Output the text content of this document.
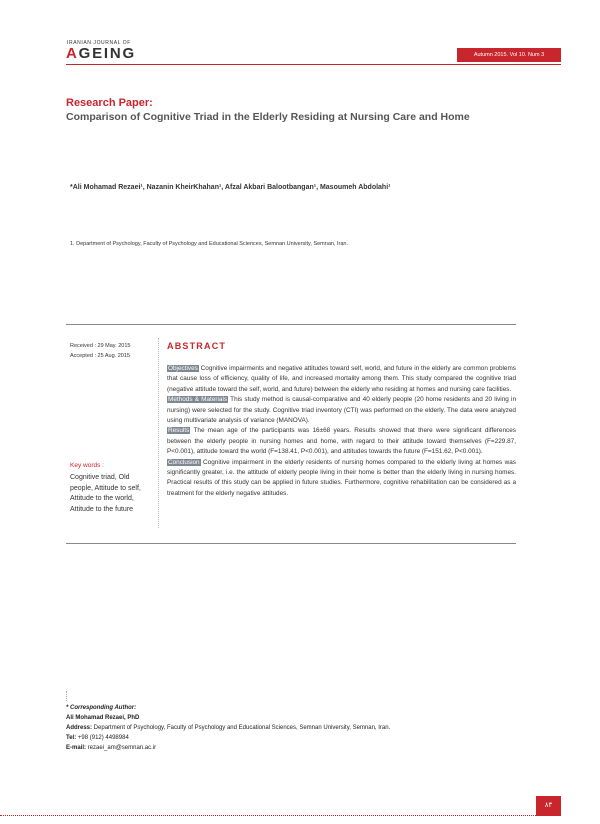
IRANIAN JOURNAL OF
AGEING	Autumn 2015. Vol 10. Num 3
Research Paper:
Comparison of Cognitive Triad in the Elderly Residing at Nursing Care and Home
*Ali Mohamad Rezaei¹, Nazanin KheirKhahan¹, Afzal Akbari Balootbangan¹, Masoumeh Abdolahi¹
1. Department of Psychology, Faculty of Psychology and Educational Sciences, Semnan University, Semnan, Iran.
Received : 29 May. 2015
Accepted : 25 Aug. 2015
Key words :
Cognitive triad, Old people, Attitude to self, Attitude to the world, Attitude to the future
ABSTRACT
Objectives Cognitive impairments and negative attitudes toward self, world, and future in the elderly are common problems that cause loss of efficiency, quality of life, and increased mortality among them. This study compared the cognitive triad (negative attitude toward the self, world, and future) between the elderly who residing at homes and nursing care facilities.
Methods & Materials This study method is causal-comparative and 40 elderly people (20 home residents and 20 living in nursing) were selected for the study. Cognitive triad inventory (CTI) was performed on the elderly. The data were analyzed using multivariate analysis of variance (MANOVA).
Results The mean age of the participants was 16±68 years. Results showed that there were significant differences between the elderly people in nursing homes and home, with regard to their attitude toward themselves (F=229.87, P<0.001), attitude toward the world (F=138.41, P<0.001), and attitudes towards the future (F=151.62, P<0.001).
Conclusion Cognitive impairment in the elderly residents of nursing homes compared to the elderly living at homes was significantly greater, i.e. the attitude of elderly people living in their home is better than the elderly living in nursing homes. Practical results of this study can be applied in future studies. Furthermore, cognitive rehabilitation can be considered as a treatment for the elderly negative attitudes.
* Corresponding Author:
Ali Mohamad Rezaei, PhD
Address: Department of Psychology, Faculty of Psychology and Educational Sciences, Semnan University, Semnan, Iran.
Tel: +98 (912) 4498984
E-mail: rezaei_am@semnan.ac.ir
٨٣
